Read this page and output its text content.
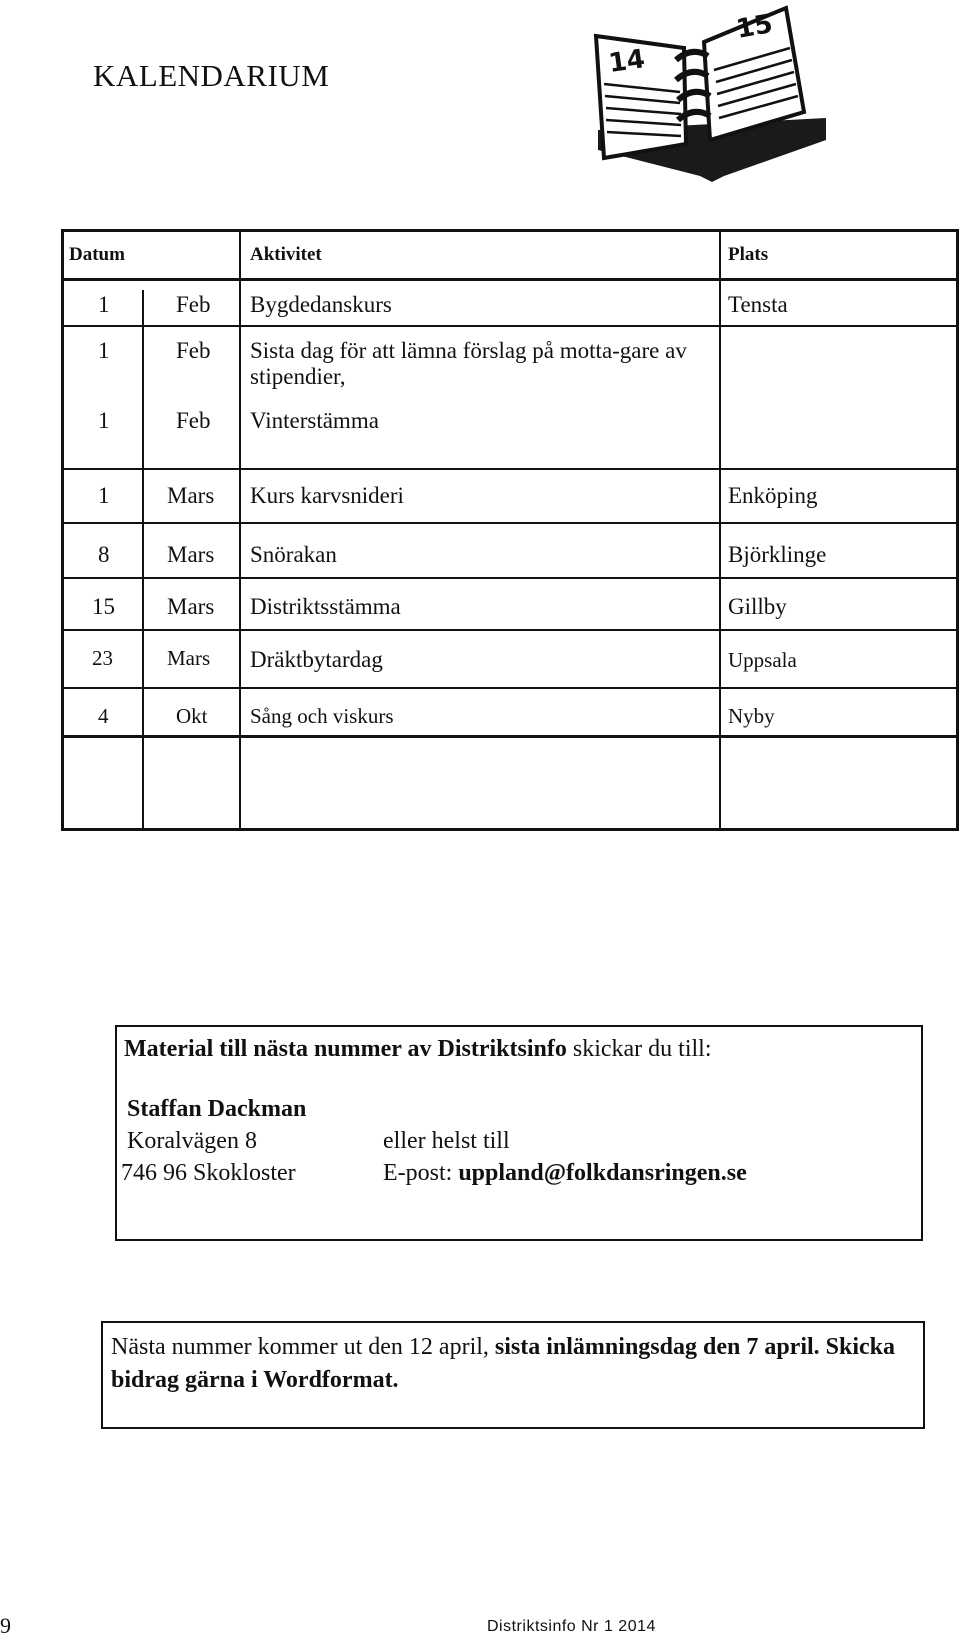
KALENDARIUM	14
15
Datum	Aktivitet	Plats
1	Feb Bygdedanskurs	Tensta
1	Feb Sista dag för att lämna förslag på motta-gare av stipendier,
1	Feb Vinterstämma
1	Mars Kurs karvsnideri	Enköping
8	Mars Snörakan	Björklinge
15 Mars Distriktsstämma	Gillby
23	Mars Dräktbytardag	Uppsala
4	Okt Sång och viskurs	Nyby
Material till nästa nummer av Distriktsinfo skickar du till:
Staffan Dackman
Koralvägen 8
746 96 Skokloster
eller helst till
E-post: uppland@folkdansringen.se
Nästa nummer kommer ut den 12 april, sista inlämningsdag den 7 april. Skicka bidrag gärna i Wordformat.
9	Distriktsinfo Nr 1 2014
